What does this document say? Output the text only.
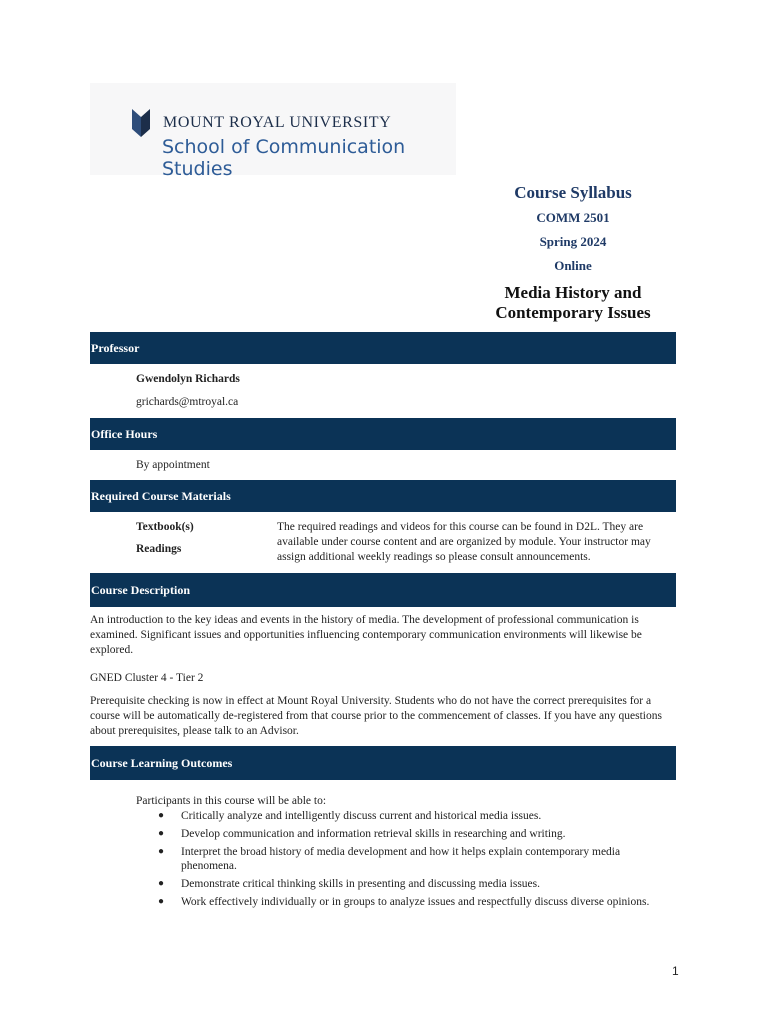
MOUNT ROYAL UNIVERSITY
School of Communication Studies
Course Syllabus
COMM 2501
Spring 2024
Online
Media History and
Contemporary Issues
Professor
Gwendolyn Richards
grichards@mtroyal.ca
Office Hours
By appointment
Required Course Materials
Textbook(s)
Readings
The required readings and videos for this course can be found in D2L. They are available under course content and are organized by module. Your instructor may assign additional weekly readings so please consult announcements.
Course Description
An introduction to the key ideas and events in the history of media. The development of professional communication is examined. Significant issues and opportunities influencing contemporary communication environments will likewise be explored.
GNED Cluster 4 - Tier 2
Prerequisite checking is now in effect at Mount Royal University. Students who do not have the correct prerequisites for a course will be automatically de-registered from that course prior to the commencement of classes. If you have any questions about prerequisites, please talk to an Advisor.
Course Learning Outcomes
Participants in this course will be able to:
● Critically analyze and intelligently discuss current and historical media issues.
● Develop communication and information retrieval skills in researching and writing.
● Interpret the broad history of media development and how it helps explain contemporary media phenomena.
● Demonstrate critical thinking skills in presenting and discussing media issues.
● Work effectively individually or in groups to analyze issues and respectfully discuss diverse opinions.
1
